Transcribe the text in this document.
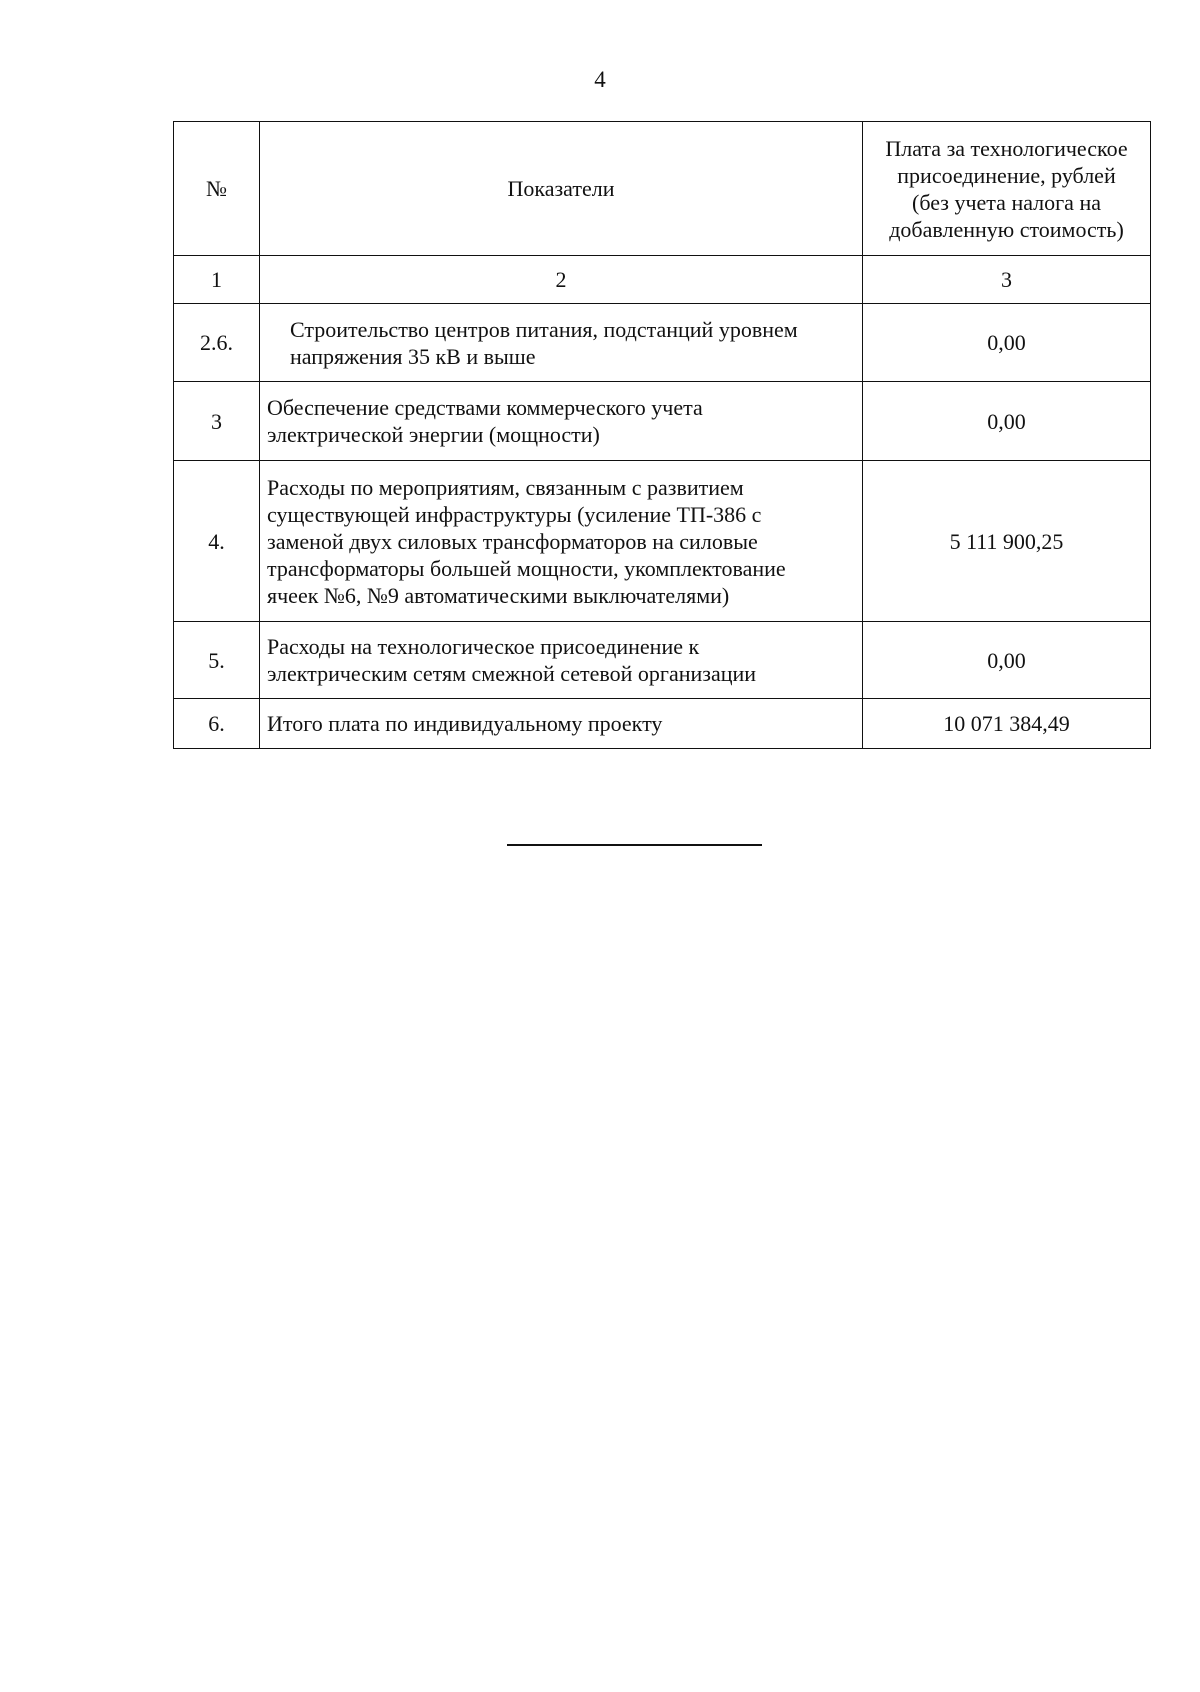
4
№	Показатели	Плата за технологическое
присоединение, рублей
(без учета налога на
добавленную стоимость)

1	2	3
2.6.	Строительство центров питания, подстанций уровнем
напряжения 35 кВ и выше	0,00
3	Обеспечение средствами коммерческого учета
электрической энергии (мощности)	0,00
4.	Расходы по мероприятиям, связанным с развитием
существующей инфраструктуры (усиление ТП-386 с
заменой двух силовых трансформаторов на силовые
трансформаторы большей мощности, укомплектование
ячеек №6, №9 автоматическими выключателями)	5 111 900,25
5.	Расходы на технологическое присоединение к
электрическим сетям смежной сетевой организации	0,00
6.	Итого плата по индивидуальному проекту	10 071 384,49
